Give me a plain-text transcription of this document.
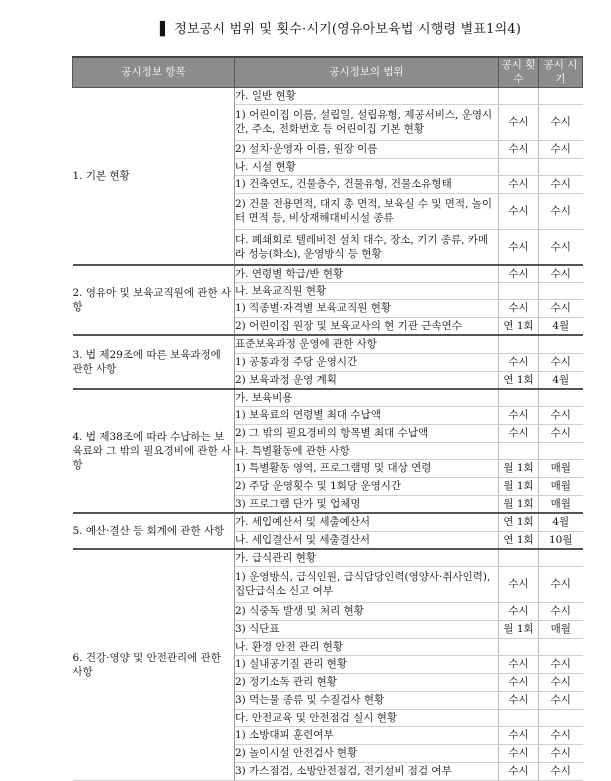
▌ 정보공시 범위 및 횟수·시기(영유아보육법 시행령 별표1의4)
공시정보 항목	공시정보의 범위	공시 횟수	공시 시기
1. 기본 현황	가. 일반 현황		
	1) 어린이집 이름, 설립일, 설립유형, 제공서비스, 운영시간, 주소, 전화번호 등 어린이집 기본 현황	수시	수시
	2) 설치·운영자 이름, 원장 이름	수시	수시
	나. 시설 현황		
	1) 건축연도, 건물층수, 건물유형, 건물소유형태	수시	수시
	2) 건물 전용면적, 대지 총 면적, 보육실 수 및 면적, 놀이터 면적 등, 비상재해대비시설 종류	수시	수시
	다. 폐쇄회로 텔레비전 설치 대수, 장소, 기기 종류, 카메라 성능(화소), 운영방식 등 현황	수시	수시
2. 영유아 및 보육교직원에 관한 사항	가. 연령별 학급/반 현황	수시	수시
	나. 보육교직원 현황		
	1) 직종별·자격별 보육교직원 현황	수시	수시
	2) 어린이집 원장 및 보육교사의 현 기관 근속연수	연 1회	4월
3. 법 제29조에 따른 보육과정에 관한 사항	표준보육과정 운영에 관한 사항		
	1) 공통과정 주당 운영시간	수시	수시
	2) 보육과정 운영 계획	연 1회	4월
4. 법 제38조에 따라 수납하는 보육료와 그 밖의 필요경비에 관한 사항	가. 보육비용		
	1) 보육료의 연령별 최대 수납액	수시	수시
	2) 그 밖의 필요경비의 항목별 최대 수납액	수시	수시
	나. 특별활동에 관한 사항		
	1) 특별활동 영역, 프로그램명 및 대상 연령	월 1회	매월
	2) 주당 운영횟수 및 1회당 운영시간	월 1회	매월
	3) 프로그램 단가 및 업체명	월 1회	매월
5. 예산·결산 등 회계에 관한 사항	가. 세입예산서 및 세출예산서	연 1회	4월
	나. 세입결산서 및 세출결산서	연 1회	10월
6. 건강·영양 및 안전관리에 관한 사항	가. 급식관리 현황		
	1) 운영방식, 급식인원, 급식담당인력(영양사·취사인력), 집단급식소 신고 여부	수시	수시
	2) 식중독 발생 및 처리 현황	수시	수시
	3) 식단표	월 1회	매월
	나. 환경 안전 관리 현황		
	1) 실내공기질 관리 현황	수시	수시
	2) 정기소독 관리 현황	수시	수시
	3) 먹는물 종류 및 수질검사 현황	수시	수시
	다. 안전교육 및 안전점검 실시 현황		
	1) 소방대피 훈련여부	수시	수시
	2) 놀이시설 안전검사 현황	수시	수시
	3) 가스점검, 소방안전점검, 전기설비 점검 여부	수시	수시
